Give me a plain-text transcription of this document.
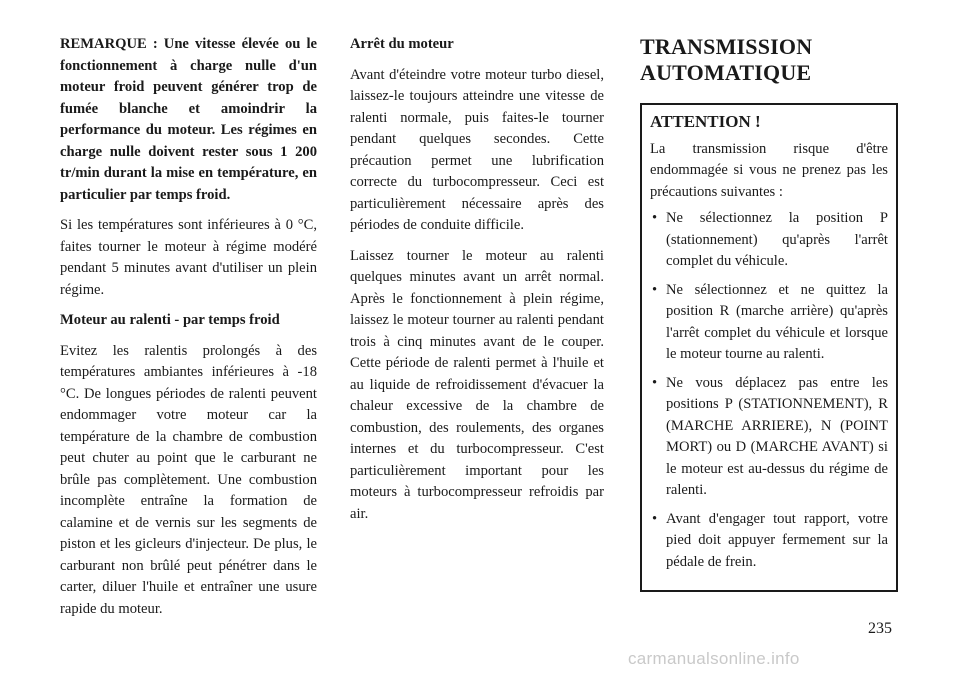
REMARQUE : Une vitesse élevée ou le fonctionnement à charge nulle d'un moteur froid peuvent générer trop de fumée blanche et amoindrir la performance du moteur. Les régimes en charge nulle doivent rester sous 1 200 tr/min durant la mise en température, en particulier par temps froid.

Si les températures sont inférieures à 0 °C, faites tourner le moteur à régime modéré pendant 5 minutes avant d'utiliser un plein régime.

Moteur au ralenti - par temps froid

Evitez les ralentis prolongés à des températures ambiantes inférieures à -18 °C. De longues périodes de ralenti peuvent endommager votre moteur car la température de la chambre de combustion peut chuter au point que le carburant ne brûle pas complètement. Une combustion incomplète entraîne la formation de calamine et de vernis sur les segments de piston et les gicleurs d'injecteur. De plus, le carburant non brûlé peut pénétrer dans le carter, diluer l'huile et entraîner une usure rapide du moteur.

Arrêt du moteur

Avant d'éteindre votre moteur turbo diesel, laissez-le toujours atteindre une vitesse de ralenti normale, puis faites-le tourner pendant quelques secondes. Cette précaution permet une lubrification correcte du turbocompresseur. Ceci est particulièrement nécessaire après des périodes de conduite difficile.

Laissez tourner le moteur au ralenti quelques minutes avant un arrêt normal. Après le fonctionnement à plein régime, laissez le moteur tourner au ralenti pendant trois à cinq minutes avant de le couper. Cette période de ralenti permet à l'huile et au liquide de refroidissement d'évacuer la chaleur excessive de la chambre de combustion, des roulements, des organes internes et du turbocompresseur. C'est particulièrement important pour les moteurs à turbocompresseur refroidis par air.

TRANSMISSION
AUTOMATIQUE
ATTENTION !

La transmission risque d'être endommagée si vous ne prenez pas les précautions suivantes :

• Ne sélectionnez la position P (stationnement) qu'après l'arrêt complet du véhicule.
• Ne sélectionnez et ne quittez la position R (marche arrière) qu'après l'arrêt complet du véhicule et lorsque le moteur tourne au ralenti.
• Ne vous déplacez pas entre les positions P (STATIONNEMENT), R (MARCHE ARRIERE), N (POINT MORT) ou D (MARCHE AVANT) si le moteur est au-dessus du régime de ralenti.
• Avant d'engager tout rapport, votre pied doit appuyer fermement sur la pédale de frein.
235
carmanualsonline.info
